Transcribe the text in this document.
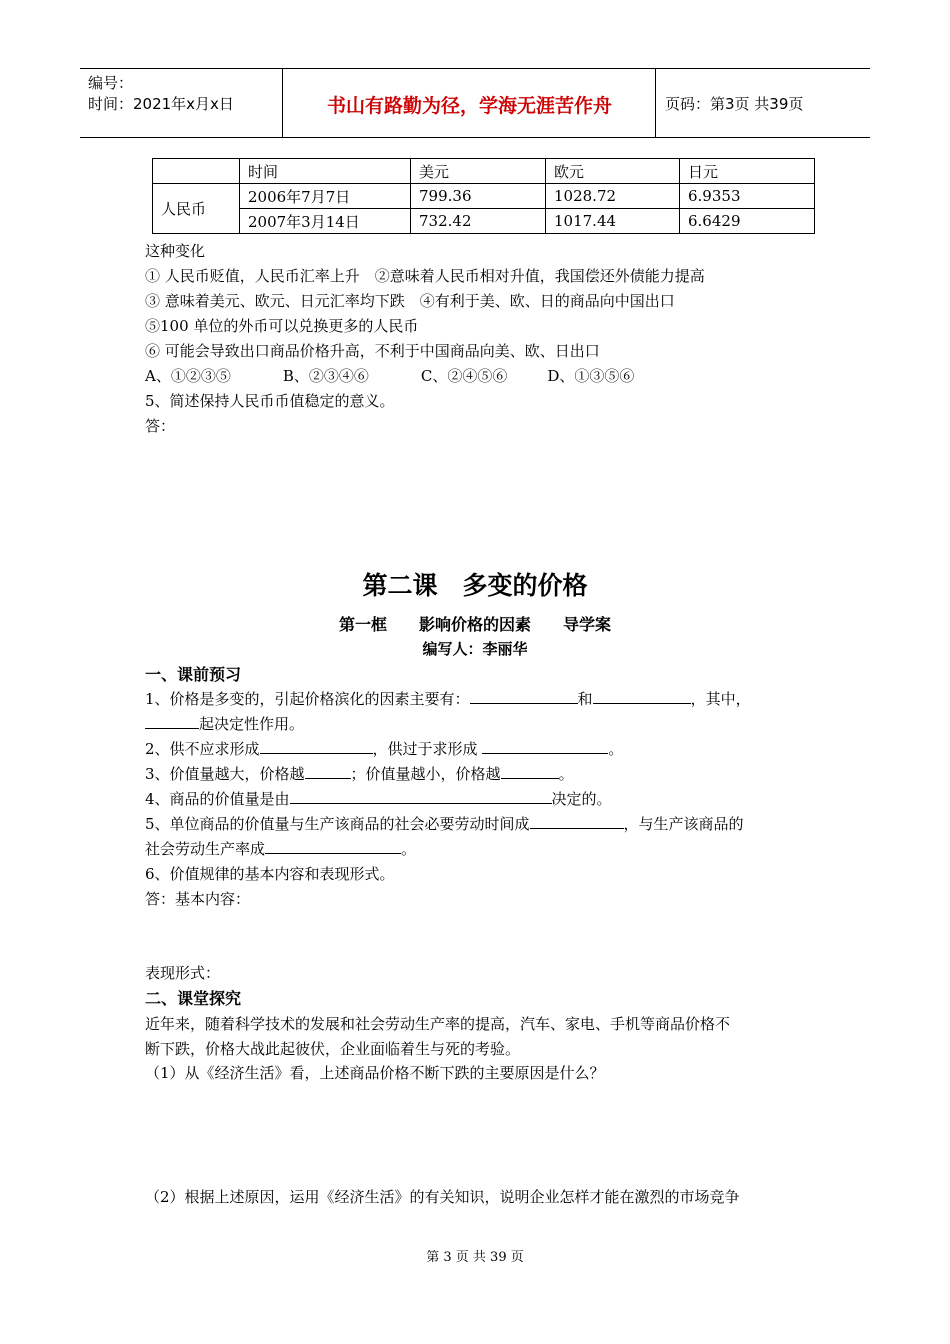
编号：
时间：2021年x月x日	书山有路勤为径，学海无涯苦作舟	页码：第3页 共39页
	时间	美元	欧元	日元
人民币	2006年7月7日	799.36	1028.72	6.9353
	2007年3月14日	732.42	1017.44	6.6429
这种变化
① 人民币贬值，人民币汇率上升　②意味着人民币相对升值，我国偿还外债能力提高
③ 意味着美元、欧元、日元汇率均下跌　④有利于美、欧、日的商品向中国出口
⑤100 单位的外币可以兑换更多的人民币
⑥ 可能会导致出口商品价格升高，不利于中国商品向美、欧、日出口
A、①②③⑤	B、②③④⑥	C、②④⑤⑥	D、①③⑤⑥
5、简述保持人民币币值稳定的意义。
答：
第二课　多变的价格
第一框　　影响价格的因素　　导学案
编写人：李丽华
一、课前预习
1、价格是多变的，引起价格滨化的因素主要有：	和	，其中，
起决定性作用。
2、供不应求形成	，供过于求形成	。
3、价值量越大，价格越	；价值量越小，价格越	。
4、商品的价值量是由	决定的。
5、单位商品的价值量与生产该商品的社会必要劳动时间成	，与生产该商品的
社会劳动生产率成	。
6、价值规律的基本内容和表现形式。
答：基本内容：
表现形式：
二、课堂探究
近年来，随着科学技术的发展和社会劳动生产率的提高，汽车、家电、手机等商品价格不
断下跌，价格大战此起彼伏，企业面临着生与死的考验。
（1）从《经济生活》看，上述商品价格不断下跌的主要原因是什么？
（2）根据上述原因，运用《经济生活》的有关知识，说明企业怎样才能在激烈的市场竞争
第 3 页 共 39 页
